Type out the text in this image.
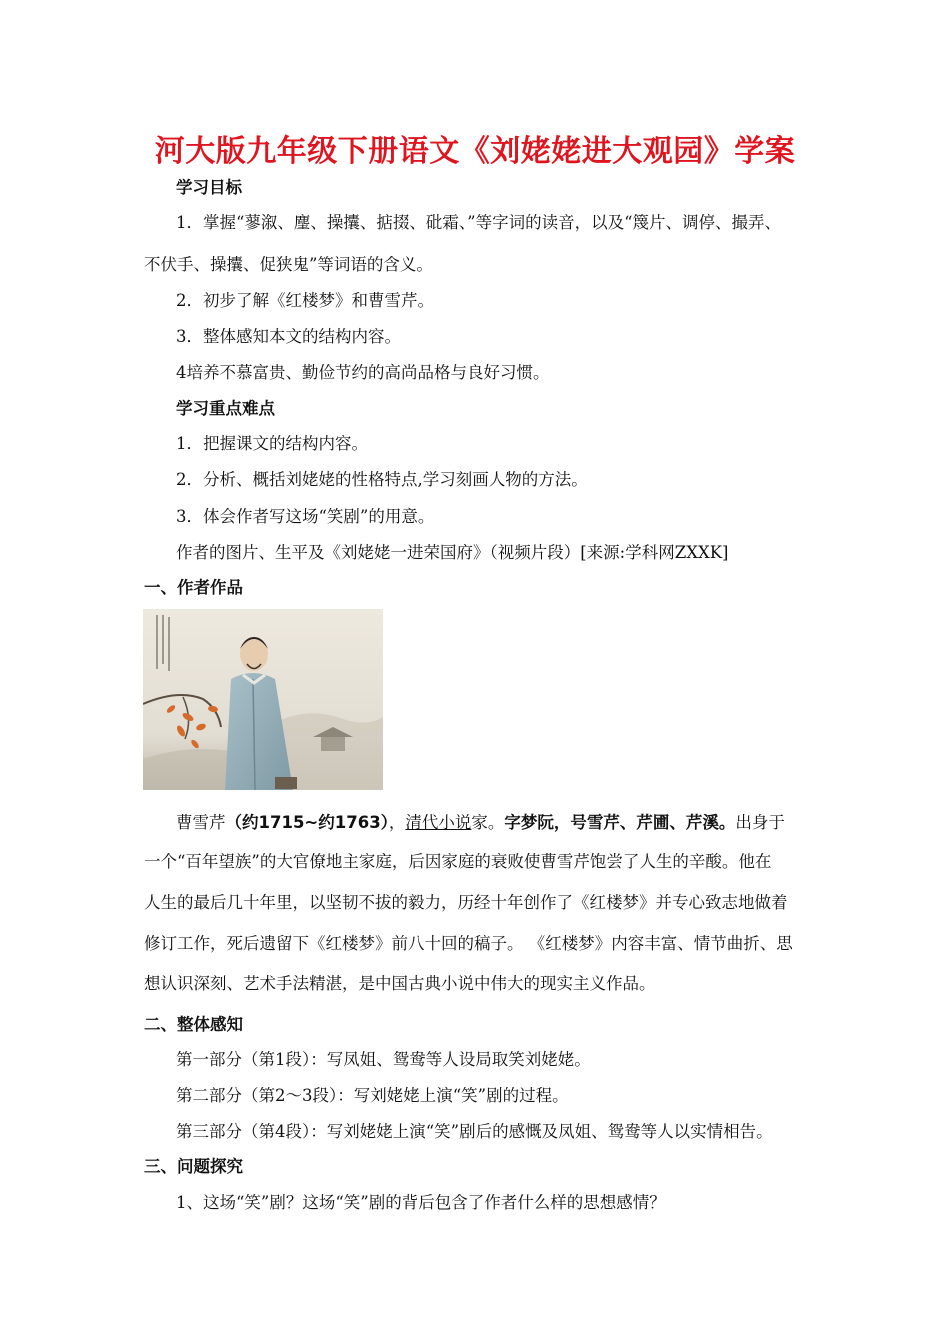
河大版九年级下册语文《刘姥姥进大观园》学案
学习目标
1．掌握“蓼溆、麈、操攮、掂掇、砒霜、”等字词的读音，以及“篾片、调停、撮弄、
不伏手、操攮、促狭鬼”等词语的含义。
2．初步了解《红楼梦》和曹雪芹。
3．整体感知本文的结构内容。
4培养不慕富贵、勤俭节约的高尚品格与良好习惯。
学习重点难点
1．把握课文的结构内容。
2．分析、概括刘姥姥的性格特点,学习刻画人物的方法。
3．体会作者写这场“笑剧”的用意。
作者的图片、生平及《刘姥姥一进荣国府》（视频片段）[来源:学科网ZXXK]
一、作者作品
曹雪芹（约1715~约1763），清代小说家。字梦阮，号雪芹、芹圃、芹溪。出身于
一个“百年望族”的大官僚地主家庭，后因家庭的衰败使曹雪芹饱尝了人生的辛酸。他在
人生的最后几十年里，以坚韧不拔的毅力，历经十年创作了《红楼梦》并专心致志地做着
修订工作，死后遗留下《红楼梦》前八十回的稿子。 《红楼梦》内容丰富、情节曲折、思
想认识深刻、艺术手法精湛，是中国古典小说中伟大的现实主义作品。
二、整体感知
第一部分（第1段）：写凤姐、鸳鸯等人设局取笑刘姥姥。
第二部分（第2～3段）：写刘姥姥上演“笑”剧的过程。
第三部分（第4段）：写刘姥姥上演“笑”剧后的感慨及凤姐、鸳鸯等人以实情相告。
三、问题探究
1、这场“笑”剧？这场“笑”剧的背后包含了作者什么样的思想感情？
